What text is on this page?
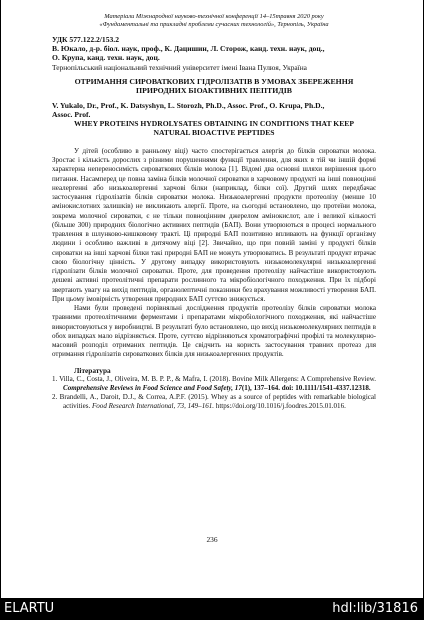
Матеріали Міжнародної науково-технічної конференції 14–15травня 2020 року
«Фундаментальні та прикладні проблеми сучасних технологій», Тернопіль, Україна
УДК 577.122.2/153.2
В. Юкало, д-р. біол. наук, проф., К. Дацишин, Л. Сторож, канд. техн. наук, доц.,
О. Крупа, канд. техн. наук, доц.
Тернопільський національний технічний університет імені Івана Пулюя, Україна
ОТРИМАННЯ СИРОВАТКОВИХ ГІДРОЛІЗАТІВ В УМОВАХ ЗБЕРЕЖЕННЯ
ПРИРОДНИХ БІОАКТИВНИХ ПЕПТИДІВ
V. Yukalo, Dr., Prof., K. Datsyshyn, L. Storozh, Ph.D., Assoc. Prof., O. Krupa, Ph.D.,
Assoc. Prof.
WHEY PROTEINS HYDROLYSATES OBTAINING IN CONDITIONS THAT KEEP
NATURAL BIOACTIVE PEPTIDES

У дітей (особливо в ранньому віці) часто спостерігається алергія до білків сироватки молока. Зростає і кількість дорослих з різними порушеннями функції травлення, для яких в тій чи іншій формі характерна непереносимість сироваткових білків молока [1]. Відомі два основні шляхи вирішення цього питання. Насамперед це повна заміна білків молочної сироватки в харчовому продукті на інші повноцінні неалергенні або низькоалергенні харчові білки (наприклад, білки сої). Другий шлях передбачає застосування гідролізатів білків сироватки молока. Низькоалергенні продукти протеолізу (менше 10 амінокислотних залишків) не викликають алергії. Проте, на сьогодні встановлено, що протеїни молока, зокрема молочної сироватки, є не тільки повноцінним джерелом амінокислот, але і великої кількості (більше 300) природних біологічно активних пептидів (БАП). Вони утворюються в процесі нормального травлення в шлунково-кишковому тракті. Ці природні БАП позитивно впливають на функції організму людини і особливо важливі в дитячому віці [2]. Звичайно, що при повній заміні у продукті білків сироватки на інші харчові білки такі природні БАП не можуть утворюватись. В результаті продукт втрачає свою біологічну цінність. У другому випадку використовують низькомолекулярні низькоалергенні гідролізати білків молочної сироватки. Проте, для проведення протеолізу найчастіше використовують дешеві активні протеолітичні препарати рослинного та мікробіологічного походження. При їх підборі звертають увагу на вихід пептидів, органолептичні показники без врахування можливості утворення БАП. При цьому імовірність утворення природних БАП суттєво знижується.

Нами були проведені порівняльні дослідження продуктів протеолізу білків сироватки молока травними протеолітичними ферментами і препаратами мікробіологічного походження, які найчастіше використовуються у виробництві. В результаті було встановлено, що вихід низькомолекулярних пептидів в обох випадках мало відрізняється. Проте, суттєво відрізняються хроматографічні профілі та молекулярно-масовий розподіл отриманих пептидів. Це свідчить на користь застосування травних протеаз для отримання гідролізатів сироваткових білків для низькоалергенних продуктів.

Література

1. Villa, C., Costa, J., Oliveira, M. B. P. P., & Mafra, I. (2018). Bovine Milk Allergens: A Comprehensive Review. Comprehensive Reviews in Food Science and Food Safety, 17(1), 137–164. doi: 10.1111/1541-4337.12318.

2. Brandelli, A., Daroit, D.J., & Correa, A.P.F. (2015). Whey as a source of peptides with remarkable biological activities. Food Research International, 73, 149–161. https://doi.org/10.1016/j.foodres.2015.01.016.

236
ELARTU	hdl:lib/31816
